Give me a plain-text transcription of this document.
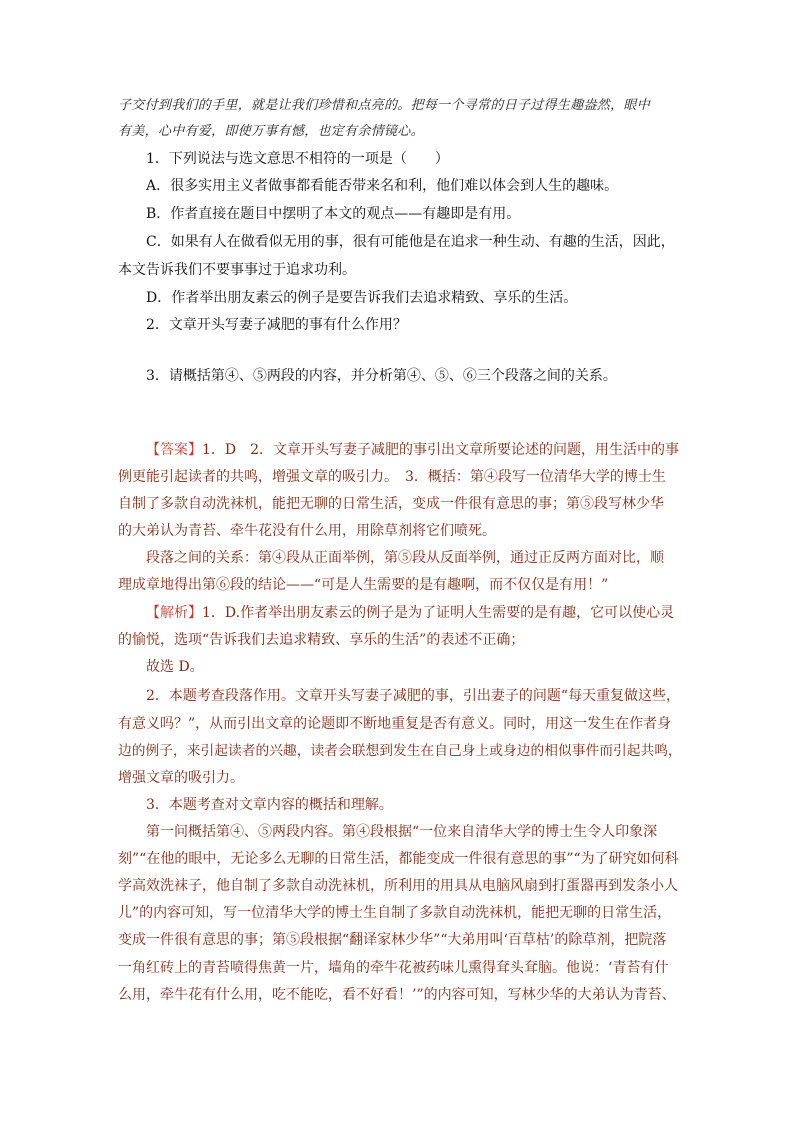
子交付到我们的手里，就是让我们珍惜和点亮的。把每一个寻常的日子过得生趣盎然，眼中
有美，心中有爱，即使万事有憾，也定有余情镜心。
1．下列说法与选文意思不相符的一项是（　　）
A．很多实用主义者做事都看能否带来名和利，他们难以体会到人生的趣味。
B．作者直接在题目中摆明了本文的观点——有趣即是有用。
C．如果有人在做看似无用的事，很有可能他是在追求一种生动、有趣的生活，因此，
本文告诉我们不要事事过于追求功利。
D．作者举出朋友素云的例子是要告诉我们去追求精致、享乐的生活。
2．文章开头写妻子减肥的事有什么作用？
3．请概括第④、⑤两段的内容，并分析第④、⑤、⑥三个段落之间的关系。
【答案】1．D　2．文章开头写妻子减肥的事引出文章所要论述的问题，用生活中的事
例更能引起读者的共鸣，增强文章的吸引力。　3．概括：第④段写一位清华大学的博士生
自制了多款自动洗袜机，能把无聊的日常生活，变成一件很有意思的事；第⑤段写林少华
的大弟认为青苔、牵牛花没有什么用，用除草剂将它们喷死。
段落之间的关系：第④段从正面举例，第⑤段从反面举例，通过正反两方面对比，顺
理成章地得出第⑥段的结论——“可是人生需要的是有趣啊，而不仅仅是有用！”
【解析】1．D.作者举出朋友素云的例子是为了证明人生需要的是有趣，它可以使心灵
的愉悦，选项“告诉我们去追求精致、享乐的生活”的表述不正确；
故选 D。
2．本题考查段落作用。文章开头写妻子减肥的事，引出妻子的问题“每天重复做这些，
有意义吗？”，从而引出文章的论题即不断地重复是否有意义。同时，用这一发生在作者身
边的例子，来引起读者的兴趣，读者会联想到发生在自己身上或身边的相似事件而引起共鸣，
增强文章的吸引力。
3．本题考查对文章内容的概括和理解。
第一问概括第④、⑤两段内容。第④段根据“一位来自清华大学的博士生令人印象深
刻”“在他的眼中，无论多么无聊的日常生活，都能变成一件很有意思的事”“为了研究如何科
学高效洗袜子，他自制了多款自动洗袜机，所利用的用具从电脑风扇到打蛋器再到发条小人
儿”的内容可知，写一位清华大学的博士生自制了多款自动洗袜机，能把无聊的日常生活，
变成一件很有意思的事；第⑤段根据“翻译家林少华”“大弟用叫‘百草枯’的除草剂，把院落
一角红砖上的青苔喷得焦黄一片，墙角的牵牛花被药味儿熏得耷头耷脑。他说：‘青苔有什
么用，牵牛花有什么用，吃不能吃，看不好看！’”的内容可知，写林少华的大弟认为青苔、
